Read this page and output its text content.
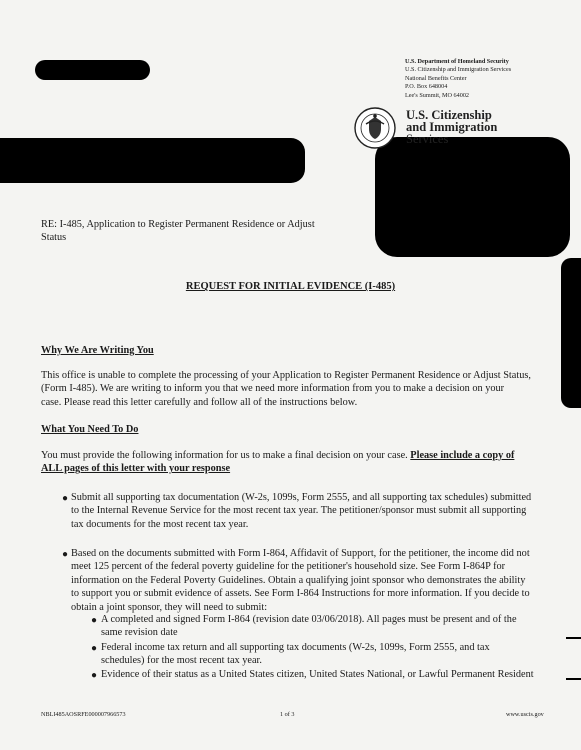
U.S. Department of Homeland Security
U.S. Citizenship and Immigration Services
National Benefits Center
P.O. Box 648004
Lee's Summit, MO 64002
U.S. Citizenship
and Immigration
Services
RE: I-485, Application to Register Permanent Residence or Adjust
Status
REQUEST FOR INITIAL EVIDENCE (I-485)
Why We Are Writing You
This office is unable to complete the processing of your Application to Register Permanent Residence or Adjust Status,
(Form I-485). We are writing to inform you that we need more information from you to make a decision on your
case. Please read this letter carefully and follow all of the instructions below.
What You Need To Do
You must provide the following information for us to make a final decision on your case. Please include a copy of
ALL pages of this letter with your response
● Submit all supporting tax documentation (W-2s, 1099s, Form 2555, and all supporting tax schedules) submitted
to the Internal Revenue Service for the most recent tax year. The petitioner/sponsor must submit all supporting
tax documents for the most recent tax year.
● Based on the documents submitted with Form I-864, Affidavit of Support, for the petitioner, the income did not
meet 125 percent of the federal poverty guideline for the petitioner's household size. See Form I-864P for
information on the Federal Poverty Guidelines. Obtain a qualifying joint sponsor who demonstrates the ability
to support you or submit evidence of assets. See Form I-864 Instructions for more information. If you decide to
obtain a joint sponsor, they will need to submit:
● A completed and signed Form I-864 (revision date 03/06/2018). All pages must be present and of the
same revision date
● Federal income tax return and all supporting tax documents (W-2s, 1099s, Form 2555, and tax
schedules) for the most recent tax year.
● Evidence of their status as a United States citizen, United States National, or Lawful Permanent Resident
NBLI485AOSRFE000007966573	1 of 3	www.uscis.gov
